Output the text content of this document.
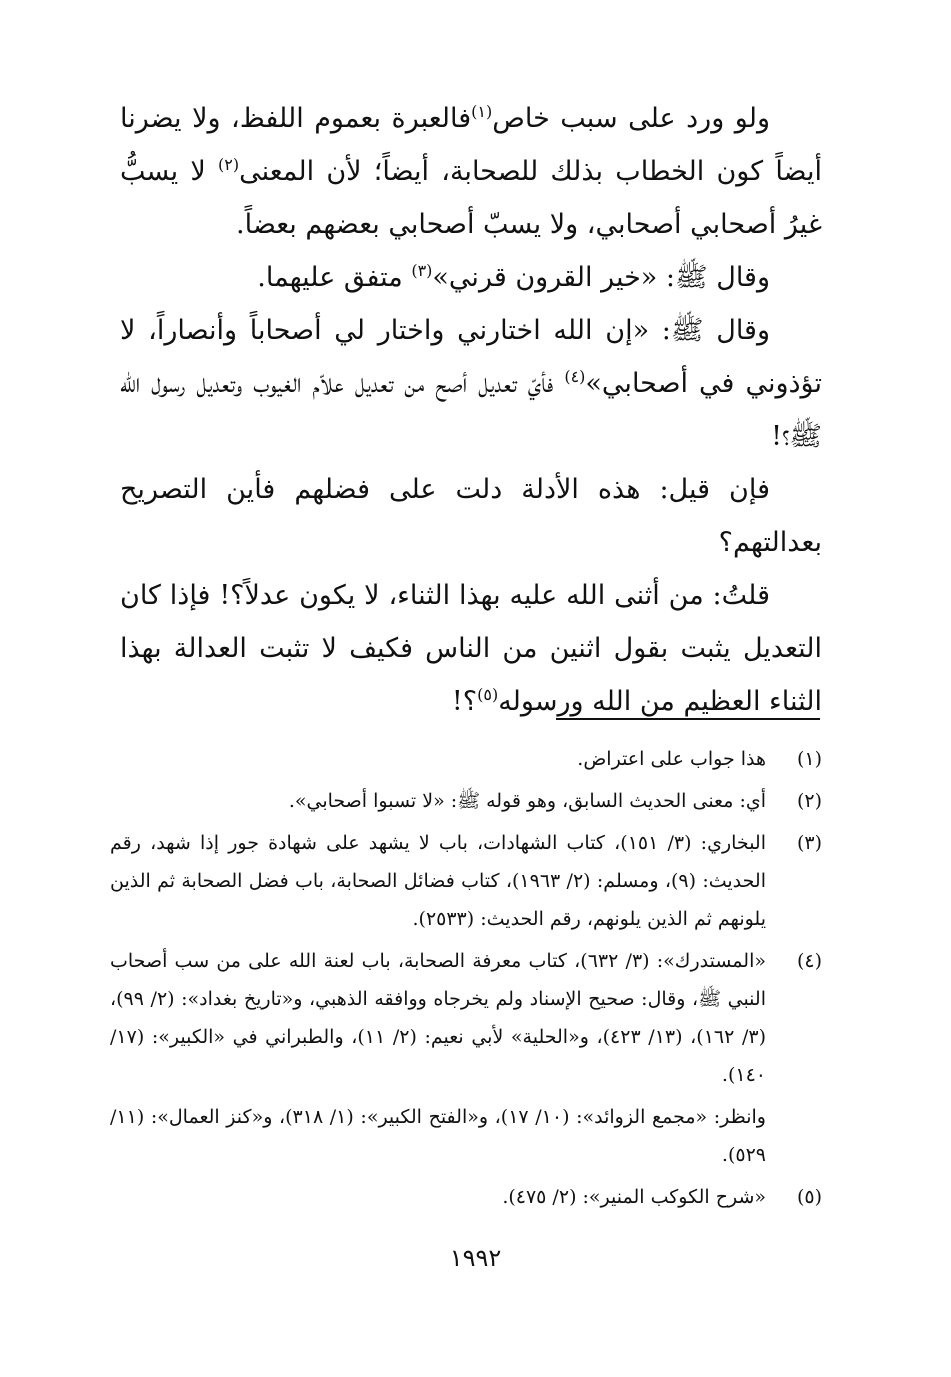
ولو ورد على سبب خاص$^{(١)}$فالعبرة بعموم اللفظ، ولا يضرنا أيضاً كون الخطاب بذلك للصحابة، أيضاً؛ لأن المعنى$^{(٢)}$ لا يسبُّ غيرُ أصحابي أصحابي، ولا يسبّ أصحابي بعضهم بعضاً.

وقال ﷺ: «خير القرون قرني»$^{(٣)}$ متفق عليهما.

وقال ﷺ: «إن الله اختارني واختار لي أصحاباً وأنصاراً، لا تؤذوني في أصحابي»$^{(٤)}$ فأيّ تعديل أصح من تعديل علاّم الغيوب وتعديل رسول الله ﷺ؟!

فإن قيل: هذه الأدلة دلت على فضلهم فأين التصريح بعدالتهم؟

قلتُ: من أثنى الله عليه بهذا الثناء، لا يكون عدلاً؟! فإذا كان التعديل يثبت بقول اثنين من الناس فكيف لا تثبت العدالة بهذا الثناء العظيم من الله ورسوله$^{(٥)}$؟!

(١)
هذا جواب على اعتراض.
(٢)
أي: معنى الحديث السابق، وهو قوله ﷺ: «لا تسبوا أصحابي».
(٣)
البخاري: (٣/ ١٥١)، كتاب الشهادات، باب لا يشهد على شهادة جور إذا شهد، رقم الحديث: (٩)، ومسلم: (٢/ ١٩٦٣)، كتاب فضائل الصحابة، باب فضل الصحابة ثم الذين يلونهم ثم الذين يلونهم، رقم الحديث: (٢٥٣٣).
(٤)
«المستدرك»: (٣/ ٦٣٢)، كتاب معرفة الصحابة، باب لعنة الله على من سب أصحاب النبي ﷺ، وقال: صحيح الإسناد ولم يخرجاه ووافقه الذهبي، و«تاريخ بغداد»: (٢/ ٩٩)، (٣/ ١٦٢)، (١٣/ ٤٢٣)، و«الحلية» لأبي نعيم: (٢/ ١١)، والطبراني في «الكبير»: (١٧/ ١٤٠).
وانظر: «مجمع الزوائد»: (١٠/ ١٧)، و«الفتح الكبير»: (١/ ٣١٨)، و«كنز العمال»: (١١/ ٥٢٩).
(٥)
«شرح الكوكب المنير»: (٢/ ٤٧٥).
١٩٩٢
